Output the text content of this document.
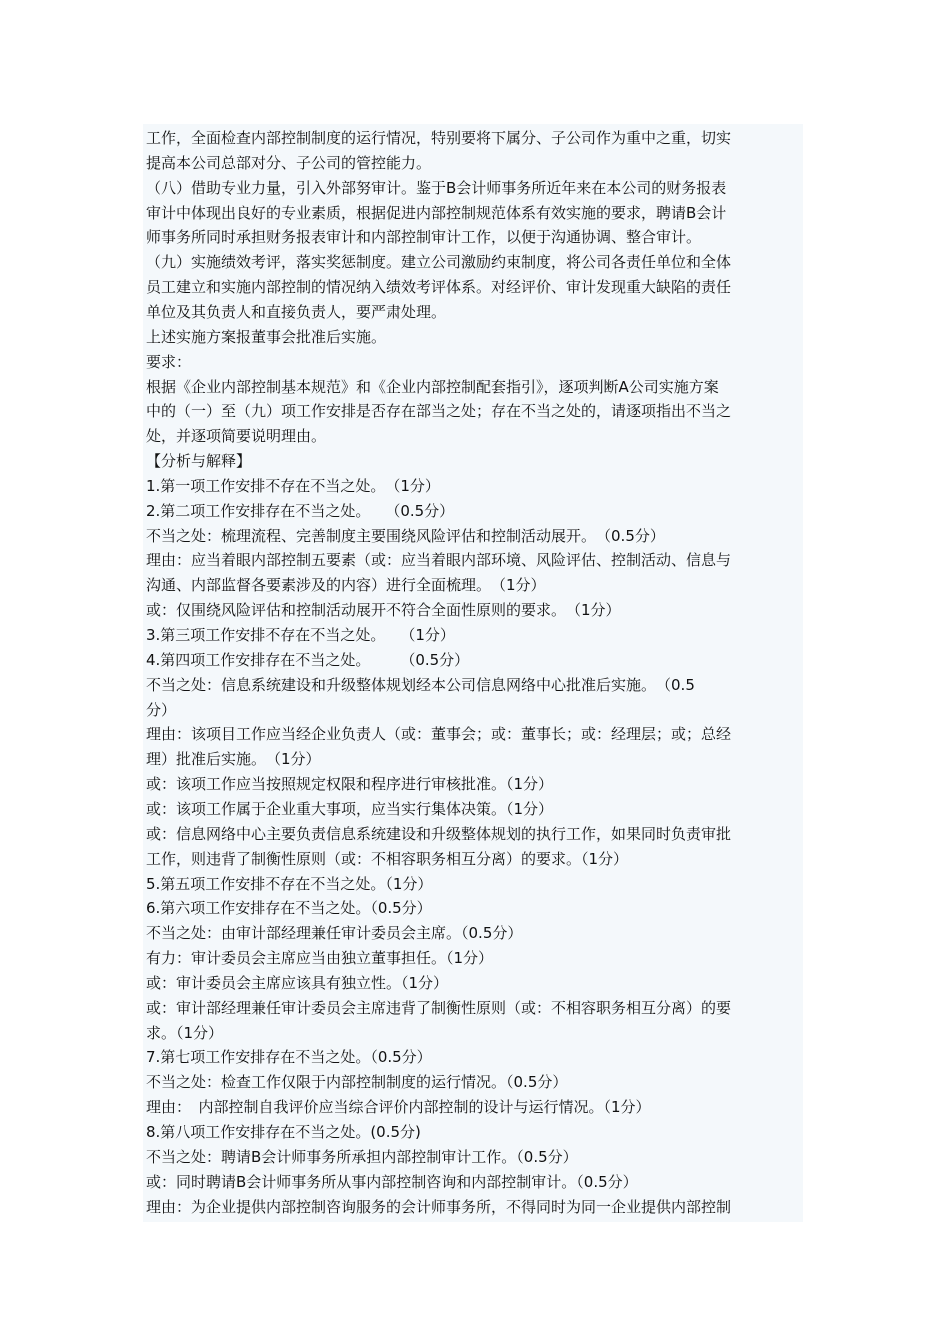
工作，全面检查内部控制制度的运行情况，特别要将下属分、子公司作为重中之重，切实
提高本公司总部对分、子公司的管控能力。
（八）借助专业力量，引入外部努审计。鉴于B会计师事务所近年来在本公司的财务报表
审计中体现出良好的专业素质，根据促进内部控制规范体系有效实施的要求，聘请B会计
师事务所同时承担财务报表审计和内部控制审计工作，以便于沟通协调、整合审计。
（九）实施绩效考评，落实奖惩制度。建立公司激励约束制度，将公司各责任单位和全体
员工建立和实施内部控制的情况纳入绩效考评体系。对经评价、审计发现重大缺陷的责任
单位及其负责人和直接负责人，要严肃处理。
上述实施方案报董事会批准后实施。
要求：
根据《企业内部控制基本规范》和《企业内部控制配套指引》，逐项判断A公司实施方案
中的（一）至（九）项工作安排是否存在部当之处；存在不当之处的，请逐项指出不当之
处，并逐项简要说明理由。
【分析与解释】
1.第一项工作安排不存在不当之处。　（1分）
2.第二项工作安排存在不当之处。　　（0.5分）
不当之处：梳理流程、完善制度主要围绕风险评估和控制活动展开。　（0.5分）
理由：应当着眼内部控制五要素（或：应当着眼内部环境、风险评估、控制活动、信息与
沟通、内部监督各要素涉及的内容）进行全面梳理。　（1分）
或：仅围绕风险评估和控制活动展开不符合全面性原则的要求。　（1分）
3.第三项工作安排不存在不当之处。　　（1分）
4.第四项工作安排存在不当之处。　　　（0.5分）
不当之处：信息系统建设和升级整体规划经本公司信息网络中心批准后实施。　（0.5
分）
理由：该项目工作应当经企业负责人（或：董事会；或：董事长；或：经理层；或；总经
理）批准后实施。　（1分）
或：该项工作应当按照规定权限和程序进行审核批准。（1分）
或：该项工作属于企业重大事项，应当实行集体决策。（1分）
或：信息网络中心主要负责信息系统建设和升级整体规划的执行工作，如果同时负责审批
工作，则违背了制衡性原则（或：不相容职务相互分离）的要求。（1分）
5.第五项工作安排不存在不当之处。（1分）
6.第六项工作安排存在不当之处。（0.5分）
不当之处：由审计部经理兼任审计委员会主席。（0.5分）
有力：审计委员会主席应当由独立董事担任。（1分）
或：审计委员会主席应该具有独立性。（1分）
或：审计部经理兼任审计委员会主席违背了制衡性原则（或：不相容职务相互分离）的要
求。（1分）
7.第七项工作安排存在不当之处。（0.5分）
不当之处：检查工作仅限于内部控制制度的运行情况。（0.5分）
理由：　内部控制自我评价应当综合评价内部控制的设计与运行情况。（1分）
8.第八项工作安排存在不当之处。(0.5分)
不当之处：聘请B会计师事务所承担内部控制审计工作。（0.5分）
或：同时聘请B会计师事务所从事内部控制咨询和内部控制审计。（0.5分）
理由：为企业提供内部控制咨询服务的会计师事务所，不得同时为同一企业提供内部控制
